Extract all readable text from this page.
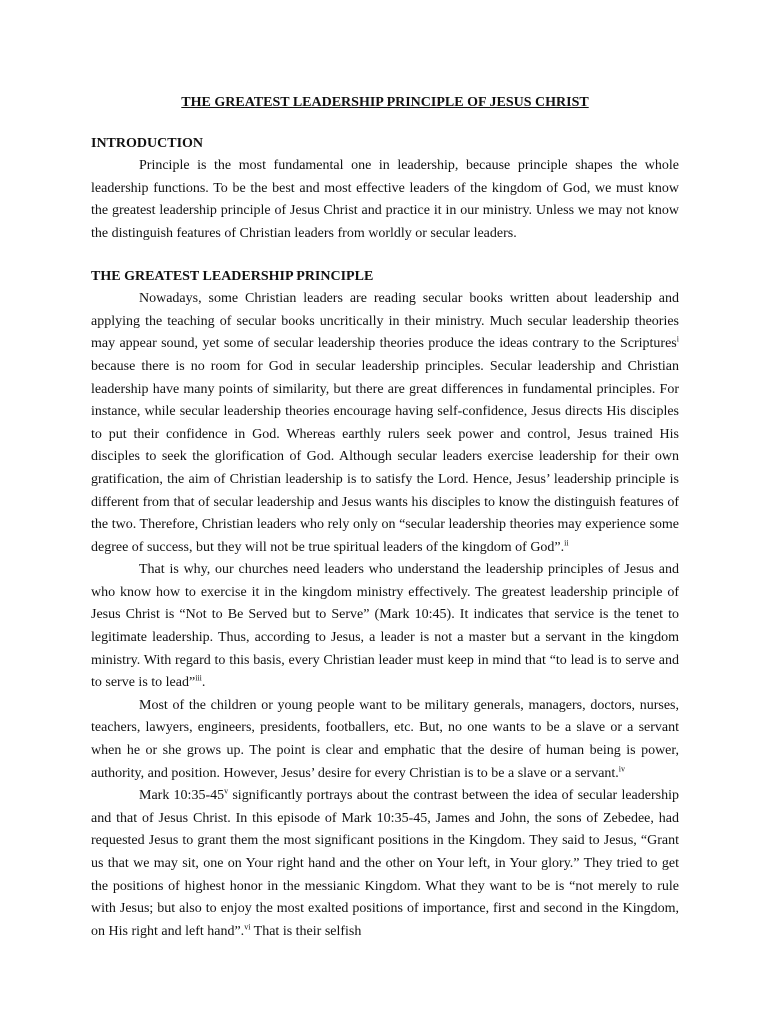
THE GREATEST LEADERSHIP PRINCIPLE OF JESUS CHRIST
INTRODUCTION

Principle is the most fundamental one in leadership, because principle shapes the whole leadership functions. To be the best and most effective leaders of the kingdom of God, we must know the greatest leadership principle of Jesus Christ and practice it in our ministry. Unless we may not know the distinguish features of Christian leaders from worldly or secular leaders.

THE GREATEST LEADERSHIP PRINCIPLE

Nowadays, some Christian leaders are reading secular books written about leadership and applying the teaching of secular books uncritically in their ministry. Much secular leadership theories may appear sound, yet some of secular leadership theories produce the ideas contrary to the Scriptures$^i$ because there is no room for God in secular leadership principles. Secular leadership and Christian leadership have many points of similarity, but there are great differences in fundamental principles. For instance, while secular leadership theories encourage having self-confidence, Jesus directs His disciples to put their confidence in God. Whereas earthly rulers seek power and control, Jesus trained His disciples to seek the glorification of God. Although secular leaders exercise leadership for their own gratification, the aim of Christian leadership is to satisfy the Lord. Hence, Jesus’ leadership principle is different from that of secular leadership and Jesus wants his disciples to know the distinguish features of the two. Therefore, Christian leaders who rely only on “secular leadership theories may experience some degree of success, but they will not be true spiritual leaders of the kingdom of God”.$^{ii}$

That is why, our churches need leaders who understand the leadership principles of Jesus and who know how to exercise it in the kingdom ministry effectively. The greatest leadership principle of Jesus Christ is “Not to Be Served but to Serve” (Mark 10:45). It indicates that service is the tenet to legitimate leadership. Thus, according to Jesus, a leader is not a master but a servant in the kingdom ministry. With regard to this basis, every Christian leader must keep in mind that “to lead is to serve and to serve is to lead”$^{iii}$.

Most of the children or young people want to be military generals, managers, doctors, nurses, teachers, lawyers, engineers, presidents, footballers, etc. But, no one wants to be a slave or a servant when he or she grows up. The point is clear and emphatic that the desire of human being is power, authority, and position. However, Jesus’ desire for every Christian is to be a slave or a servant.$^{iv}$

Mark 10:35-45$^v$ significantly portrays about the contrast between the idea of secular leadership and that of Jesus Christ. In this episode of Mark 10:35-45, James and John, the sons of Zebedee, had requested Jesus to grant them the most significant positions in the Kingdom. They said to Jesus, “Grant us that we may sit, one on Your right hand and the other on Your left, in Your glory.” They tried to get the positions of highest honor in the messianic Kingdom. What they want to be is “not merely to rule with Jesus; but also to enjoy the most exalted positions of importance, first and second in the Kingdom, on His right and left hand”.$^{vi}$ That is their selfish
